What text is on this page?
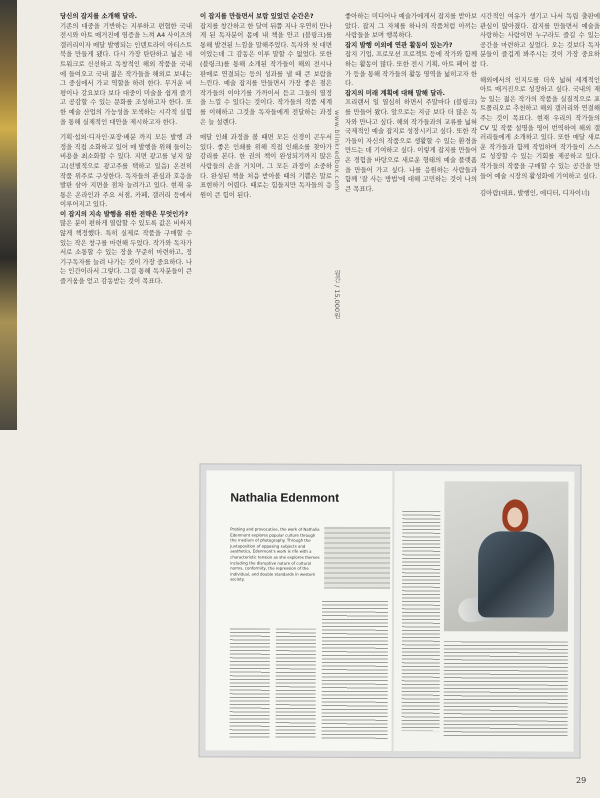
당신의 잡지를 소개해 달라.

기존의 대중을 기반하는 지루하고 편협한 국내 전시와 아트 매거진에 염증을 느껴 A4 사이즈의 갤러리이자 매달 발행되는 인덴트라이 아티스트 북을 만들게 됐다. 다시 가장 탄탄하고 넓은 네트워크로 신선하고 독창적인 해외 작품을 국내에 들여오고 국내 젊은 작가들을 해외로 보내는 그 중심에서 가교 역할을 하려 한다. 무거운 비평이나 강요보다 보다 대중이 미술을 쉽게 즐기고 공감할 수 있는 문화를 조성하고자 한다. 또한 예술 산업의 가능성을 모색하는 시각적 실험을 통해 실제적인 대안을 제시하고자 한다.

기획·섭외·디자인·포장·배분 까지 모든 발행 과정을 직접 소화하고 있어 매 발행을 위해 들이는 비용을 최소화할 수 있다. 지면 광고를 넣지 않고(선별적으로 광고주를 택하고 있음) 온전히 작품 위주로 구성한다. 독자들의 관심과 호응을 발판 삼아 지면을 점차 늘려가고 있다. 현재 유통은 온라인과 주요 서점, 카페, 갤러리 등에서 이루어지고 있다.

이 잡지의 지속 발행을 위한 전략은 무엇인가?

많은 분이 편하게 열람할 수 있도록 값은 비싸지 않게 책정했다. 특히 실제로 작품을 구매할 수 있는 작은 창구를 마련해 두었다. 작가와 독자가 서로 소통할 수 있는 장을 꾸준히 마련하고, 정기구독자를 늘려 나가는 것이 가장 중요하다. 나는 인간이라서 그렇다. 그걸 통해 독자분들이 큰 즐거움을 얻고 감동받는 것이 목표다.

이 잡지를 만들면서 보람 있었던 순간은?

잡지를 창간하고 한 달여 뒤쯤 지나 우연히 만나게 된 독자분이 몸에 내 책을 안고 (블링크)를 통해 발견된 느낌을 말해주었다. 독자와 첫 대면이었는데 그 감동은 이루 말할 수 없었다. 또한 (블링크)를 통해 소개된 작가들이 해외 전시나 판매로 연결되는 등의 성과를 낼 때 큰 보람을 느낀다. 예술 잡지를 만들면서 가장 좋은 점은 작가들의 이야기를 가까이서 듣고 그들의 열정을 느낄 수 있다는 것이다. 작가들의 작품 세계를 이해하고 그것을 독자들에게 전달하는 과정은 늘 설렌다.

매달 인쇄 과정을 볼 때면 모든 신경이 곤두서 있다. 좋은 인쇄를 위해 직접 인쇄소를 찾아가 감리를 본다. 한 권의 책이 완성되기까지 많은 사람들의 손을 거치며, 그 모든 과정이 소중하다. 완성된 책을 처음 받아볼 때의 기쁨은 말로 표현하기 어렵다. 때로는 힘들지만 독자들의 응원이 큰 힘이 된다.

www.blinkredbox.com
월간 / 15,000원

좋아하는 미디어나 예술가에게서 잡지를 받아보았다. 잡지 그 자체를 하나의 작품처럼 아끼는 사람들을 보며 행복하다.

잡지 발행 이외에 연관 활동이 있는가?

잡지 기업, 프로모션 프로젝트 등에 작가와 함께 하는 활동이 많다. 또한 전시 기획, 아트 페어 참가 등을 통해 작가들의 활동 영역을 넓히고자 한다.

잡지의 미래 계획에 대해 말해 달라.

프리랜서 일 열심히 하면서 주말마다 (블링크)를 만들어 왔다. 앞으로는 지금 보다 더 많은 독자와 만나고 싶다. 해외 작가들과의 교류를 넓혀 국제적인 예술 잡지로 성장시키고 싶다. 또한 작가들이 자신의 작품으로 생활할 수 있는 환경을 만드는 데 기여하고 싶다. 이렇게 잡지를 만들어온 경험을 바탕으로 새로운 형태의 예술 플랫폼을 만들어 가고 싶다. 나를 응원하는 사람들과 함께 '잘 사는 방법'에 대해 고민하는 것이 나의 큰 목표다.

시간적인 여유가 생기고 나서 독립 출판에 관심이 많아졌다. 잡지를 만들면서 예술을 사랑하는 사람이면 누구라도 즐길 수 있는 공간을 마련하고 싶었다. 오는 것보다 독자분들이 즐겁게 봐주시는 것이 가장 중요하다.

해외에서의 인지도를 더욱 넓혀 세계적인 아트 매거진으로 성장하고 싶다. 국내의 재능 있는 젊은 작가의 작품을 실질적으로 포트폴리오로 추천하고 해외 갤러리와 연결해 주는 것이 목표다. 현재 우리의 작가들의 CV 및 작품 설명을 영어 번역하여 해외 갤러리들에게 소개하고 있다. 또한 매달 새로운 작가들과 함께 작업하며 작가들이 스스로 성장할 수 있는 기회를 제공하고 있다. 작가들의 작품을 구매할 수 있는 공간을 만들어 예술 시장의 활성화에 기여하고 싶다.

김아람(대표, 발행인, 에디터, 디자이너)

Nathalia Edenmont
Probing and provocative, the work of Nathalia Edenmont explores popular culture through the medium of photography. Through the juxtaposition of opposing subjects and aesthetics, Edenmont's work is rife with a characteristic tension as she explores themes including the disruptive nature of cultural norms, conformity, the repression of the individual, and double standards in western society.
29
